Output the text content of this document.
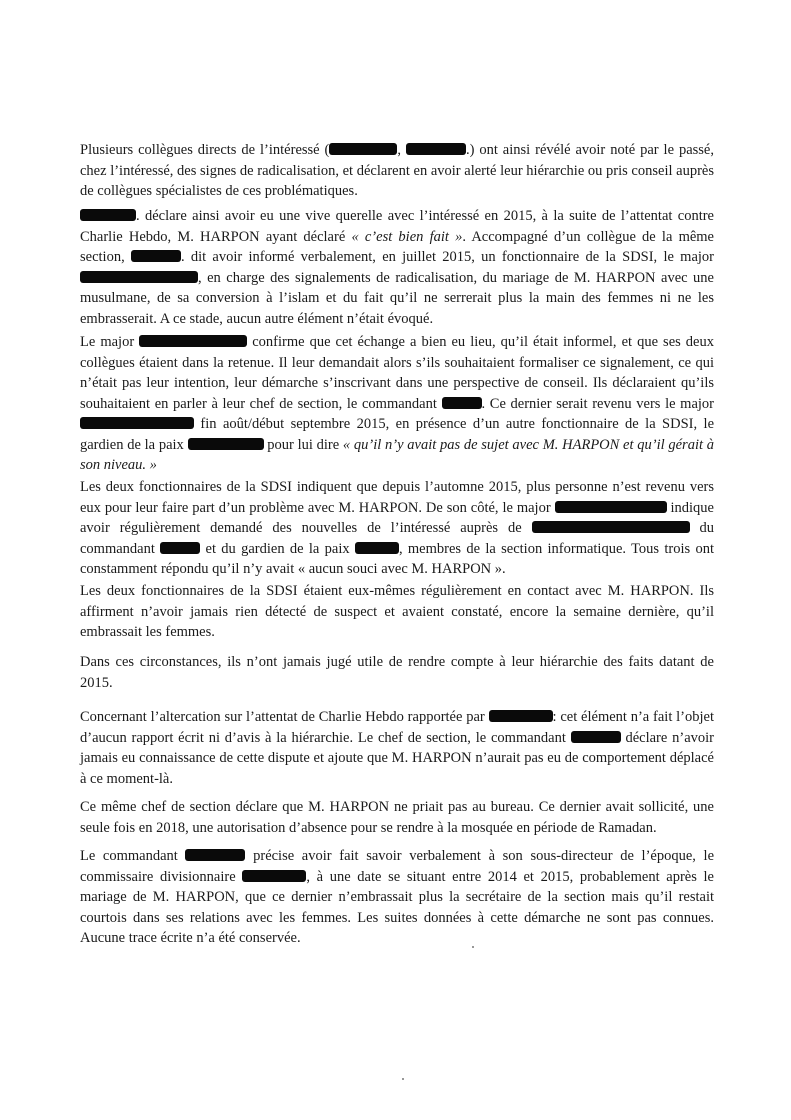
Plusieurs collègues directs de l’intéressé (	,	.) ont ainsi révélé avoir noté par le passé, chez l’intéressé, des signes de radicalisation, et déclarent en avoir alerté leur hiérarchie ou pris conseil auprès de collègues spécialistes de ces problématiques.

. déclare ainsi avoir eu une vive querelle avec l’intéressé en 2015, à la suite de l’attentat contre Charlie Hebdo, M. HARPON ayant déclaré « c’est bien fait ». Accompagné d’un collègue de la même section,	. dit avoir informé verbalement, en juillet 2015, un fonctionnaire de la SDSI, le major , en charge des signalements de radicalisation, du mariage de M. HARPON avec une musulmane, de sa conversion à l’islam et du fait qu’il ne serrerait plus la main des femmes ni ne les embrasserait. A ce stade, aucun autre élément n’était évoqué.

Le major	confirme que cet échange a bien eu lieu, qu’il était informel, et que ses deux collègues étaient dans la retenue. Il leur demandait alors s’ils souhaitaient formaliser ce signalement, ce qui n’était pas leur intention, leur démarche s’inscrivant dans une perspective de conseil. Ils déclaraient qu’ils souhaitaient en parler à leur chef de section, le commandant	. Ce dernier serait revenu vers le major  fin août/début septembre 2015, en présence d’un autre fonctionnaire de la SDSI, le gardien de la paix	pour lui dire « qu’il n’y avait pas de sujet avec M. HARPON et qu’il gérait à son niveau. »

Les deux fonctionnaires de la SDSI indiquent que depuis l’automne 2015, plus personne n’est revenu vers eux pour leur faire part d’un problème avec M. HARPON. De son côté, le major	indique avoir régulièrement demandé des nouvelles de l’intéressé auprès de	du commandant	et du gardien de la paix	, membres de la section informatique. Tous trois ont constamment répondu qu’il n’y avait « aucun souci avec M. HARPON ».

Les deux fonctionnaires de la SDSI étaient eux-mêmes régulièrement en contact avec M. HARPON. Ils affirment n’avoir jamais rien détecté de suspect et avaient constaté, encore la semaine dernière, qu’il embrassait les femmes.

Dans ces circonstances, ils n’ont jamais jugé utile de rendre compte à leur hiérarchie des faits datant de 2015.

Concernant l’altercation sur l’attentat de Charlie Hebdo rapportée par	: cet élément n’a fait l’objet d’aucun rapport écrit ni d’avis à la hiérarchie. Le chef de section, le commandant	déclare n’avoir jamais eu connaissance de cette dispute et ajoute que M. HARPON n’aurait pas eu de comportement déplacé à ce moment-là.

Ce même chef de section déclare que M. HARPON ne priait pas au bureau. Ce dernier avait sollicité, une seule fois en 2018, une autorisation d’absence pour se rendre à la mosquée en période de Ramadan.

Le commandant	précise avoir fait savoir verbalement à son sous-directeur de l’époque, le commissaire divisionnaire	, à une date se situant entre 2014 et 2015, probablement après le mariage de M. HARPON, que ce dernier n’embrassait plus la secrétaire de la section mais qu’il restait courtois dans ses relations avec les femmes. Les suites données à cette démarche ne sont pas connues. Aucune trace écrite n’a été conservée.
